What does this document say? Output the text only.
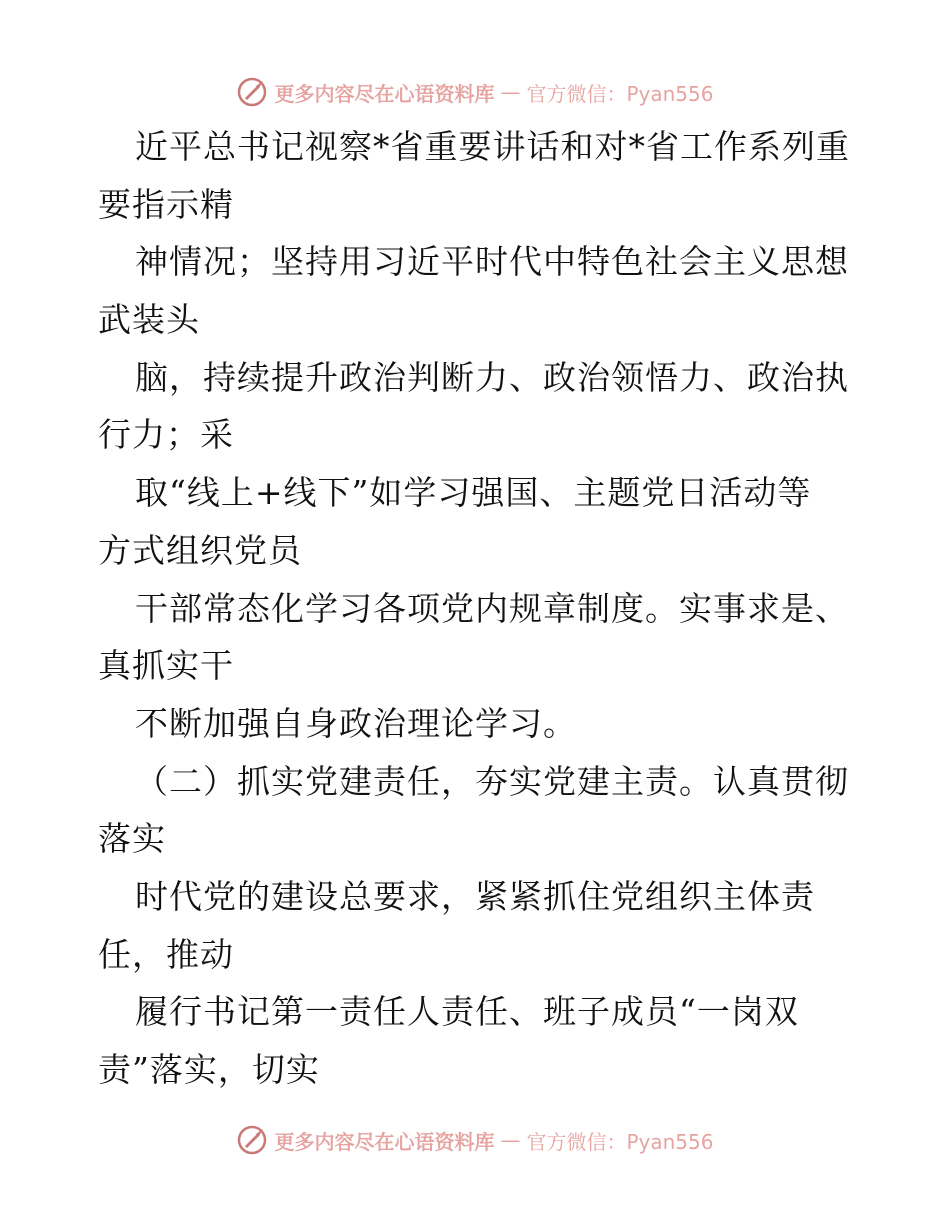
更多内容尽在心语资料库 — 官方微信：Pyan556
近平总书记视察*省重要讲话和对*省工作系列重
要指示精
神情况；坚持用习近平时代中特色社会主义思想
武装头
脑，持续提升政治判断力、政治领悟力、政治执
行力；采
取“线上+线下”如学习强国、主题党日活动等
方式组织党员
干部常态化学习各项党内规章制度。实事求是、
真抓实干
不断加强自身政治理论学习。
（二）抓实党建责任，夯实党建主责。认真贯彻
落实
时代党的建设总要求，紧紧抓住党组织主体责
任，推动
履行书记第一责任人责任、班子成员“一岗双
责”落实，切实
更多内容尽在心语资料库 — 官方微信：Pyan556
